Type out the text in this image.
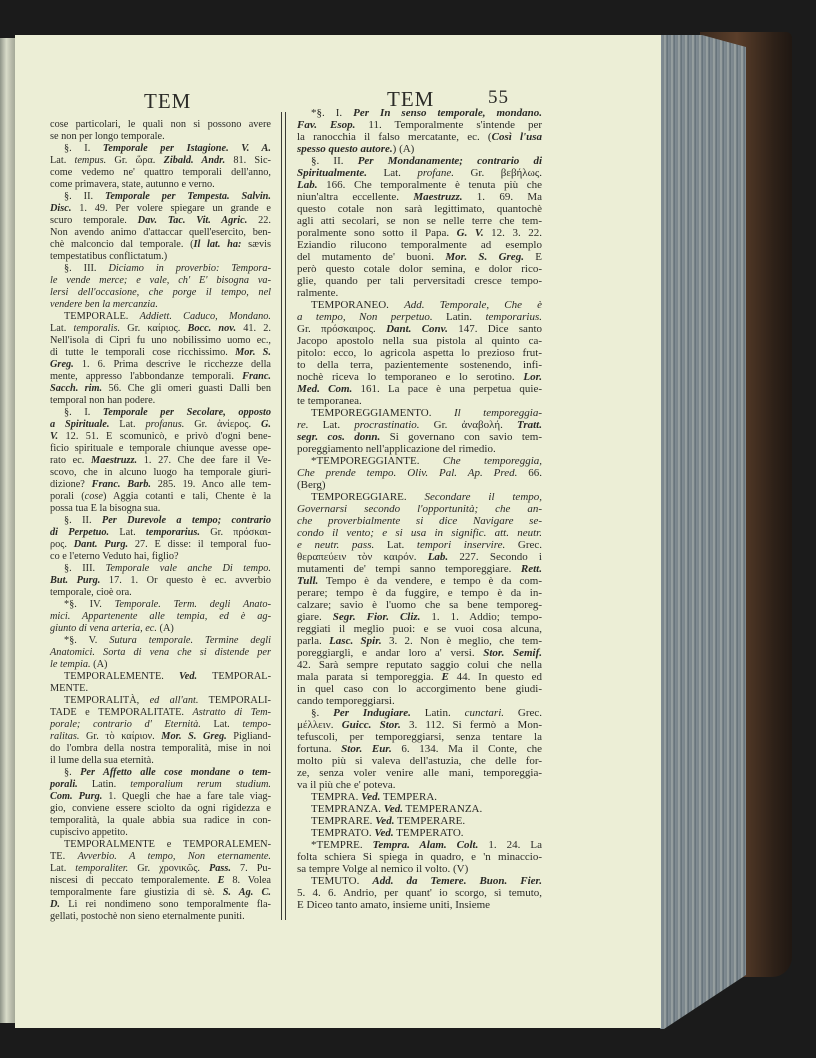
TEM	TEM	55
cose particolari, le quali non si possono avere
se non per longo temporale.
§. I. Temporale per Istagione. V. A.
Lat. tempus. Gr. ὥρα. Zibald. Andr. 81. Sic-
come vedemo ne' quattro temporali dell'anno,
come primavera, state, autunno e verno.
§. II. Temporale per Tempesta. Salvin.
Disc. 1. 49. Per volere spiegare un grande e
scuro temporale. Dav. Tac. Vit. Agric. 22.
Non avendo animo d'attaccar quell'esercito, ben-
chè malconcio dal temporale. (Il lat. ha: sævis
tempestatibus conflictatum.)
§. III. Diciamo in proverbio: Tempora-
le vende merce; e vale, ch' E' bisogna va-
lersi dell'occasione, che porge il tempo, nel
vendere ben la mercanzia.
TEMPORALE. Addiett. Caduco, Mondano.
Lat. temporalis. Gr. καίριος. Bocc. nov. 41. 2.
Nell'isola di Cipri fu uno nobilissimo uomo ec.,
di tutte le temporali cose ricchissimo. Mor. S.
Greg. 1. 6. Prima descrive le ricchezze della
mente, appresso l'abbondanze temporali. Franc.
Sacch. rim. 56. Che gli omeri guasti Dalli ben
temporal non han podere.
§. I. Temporale per Secolare, opposto
a Spirituale. Lat. profanus. Gr. ἀνίερος. G.
V. 12. 51. E scomunicò, e privò d'ogni bene-
ficio spirituale e temporale chiunque avesse ope-
rato ec. Maestruzz. 1. 27. Che dee fare il Ve-
scovo, che in alcuno luogo ha temporale giuri-
dizione? Franc. Barb. 285. 19. Anco alle tem-
porali (cose) Aggia cotanti e tali, Chente è la
possa tua E la bisogna sua.
§. II. Per Durevole a tempo; contrario
di Perpetuo. Lat. temporarius. Gr. πρόσκαι-
ρος. Dant. Purg. 27. E disse: il temporal fuo-
co e l'eterno Veduto hai, figlio?
§. III. Temporale vale anche Di tempo.
But. Purg. 17. 1. Or questo è ec. avverbio
temporale, cioè ora.
*§. IV. Temporale. Term. degli Anato-
mici. Appartenente alle tempia, ed è ag-
giunto di vena arteria, ec. (A)
*§. V. Sutura temporale. Termine degli
Anatomici. Sorta di vena che si distende per
le tempia. (A)
TEMPORALEMENTE. Ved. TEMPORAL-
MENTE.
TEMPORALITÀ, ed all'ant. TEMPORALI-
TADE e TEMPORALITATE. Astratto di Tem-
porale; contrario d' Eternità. Lat. tempo-
ralitas. Gr. τὸ καίριον. Mor. S. Greg. Pigliand-
do l'ombra della nostra temporalità, mise in noi
il lume della sua eternità.
§. Per Affetto alle cose mondane o tem-
porali. Latin. temporalium rerum studium.
Com. Purg. 1. Quegli che hae a fare tale viag-
gio, conviene essere sciolto da ogni rigidezza e
temporalità, la quale abbia sua radice in con-
cupiscivo appetito.
TEMPORALMENTE e TEMPORALEMEN-
TE. Avverbio. A tempo, Non eternamente.
Lat. temporaliter. Gr. χρονικῶς. Pass. 7. Pu-
niscesi di peccato temporalemente. E 8. Volea
temporalmente fare giustizia di sè. S. Ag. C.
D. Li rei nondimeno sono temporalmente fla-
gellati, postochè non sieno eternalmente puniti.
*§. I. Per In senso temporale, mondano.
Fav. Esop. 11. Temporalmente s'intende per
la ranocchia il falso mercatante, ec. (Così l'usa
spesso questo autore.) (A)
§. II. Per Mondanamente; contrario di
Spiritualmente. Lat. profane. Gr. βεβήλως.
Lab. 166. Che temporalmente è tenuta più che
niun'altra eccellente. Maestruzz. 1. 69. Ma
questo cotale non sarà legittimato, quantochè
agli atti secolari, se non se nelle terre che tem-
poralmente sono sotto il Papa. G. V. 12. 3. 22.
Eziandio rilucono temporalmente ad esemplo
del mutamento de' buoni. Mor. S. Greg. E
però questo cotale dolor semina, e dolor rico-
glie, quando per tali perversitadi cresce tempo-
ralmente.
TEMPORANEO. Add. Temporale, Che è
a tempo, Non perpetuo. Latin. temporarius.
Gr. πρόσκαιρος. Dant. Conv. 147. Dice santo
Jacopo apostolo nella sua pistola al quinto ca-
pitolo: ecco, lo agricola aspetta lo prezioso frut-
to della terra, pazientemente sostenendo, infi-
nochè riceva lo temporaneo e lo serotino. Lor.
Med. Com. 161. La pace è una perpetua quie-
te temporanea.
TEMPOREGGIAMENTO. Il temporeggia-
re. Lat. procrastinatio. Gr. ἀναβολή. Tratt.
segr. cos. donn. Si governano con savio tem-
poreggiamento nell'applicazione del rimedio.
*TEMPOREGGIANTE. Che temporeggia,
Che prende tempo. Oliv. Pal. Ap. Pred. 66.
(Berg)
TEMPOREGGIARE. Secondare il tempo,
Governarsi secondo l'opportunità; che an-
che proverbialmente si dice Navigare se-
condo il vento; e si usa in signific. att. neutr.
e neutr. pass. Lat. tempori inservire. Grec.
θεραπεύειν τὸν καιρόν. Lab. 227. Secondo i
mutamenti de' tempi sanno temporeggiare. Rett.
Tull. Tempo è da vendere, e tempo è da com-
perare; tempo è da fuggire, e tempo è da in-
calzare; savio è l'uomo che sa bene temporeg-
giare. Segr. Fior. Cliz. 1. 1. Addio; tempo-
reggiati il meglio puoi: e se vuoi cosa alcuna,
parla. Lasc. Spir. 3. 2. Non è meglio, che tem-
poreggiargli, e andar loro a' versi. Stor. Semif.
42. Sarà sempre reputato saggio colui che nella
mala parata si temporeggia. E 44. In questo ed
in quel caso con lo accorgimento bene giudi-
cando temporeggiarsi.
§. Per Indugiare. Latin. cunctari. Grec.
μέλλειν. Guicc. Stor. 3. 112. Si fermò a Mon-
tefuscoli, per temporeggiarsi, senza tentare la
fortuna. Stor. Eur. 6. 134. Ma il Conte, che
molto più si valeva dell'astuzia, che delle for-
ze, senza voler venire alle mani, temporeggia-
va il più che e' poteva.
TEMPRA. Ved. TEMPERA.
TEMPRANZA. Ved. TEMPERANZA.
TEMPRARE. Ved. TEMPERARE.
TEMPRATO. Ved. TEMPERATO.
*TEMPRE. Tempra. Alam. Colt. 1. 24. La
folta schiera Si spiega in quadro, e 'n minaccio-
sa tempre Volge al nemico il volto. (V)
TEMUTO. Add. da Temere. Buon. Fier.
5. 4. 6. Andrio, per quant' io scorgo, sì temuto,
E Diceo tanto amato, insieme uniti, Insieme
